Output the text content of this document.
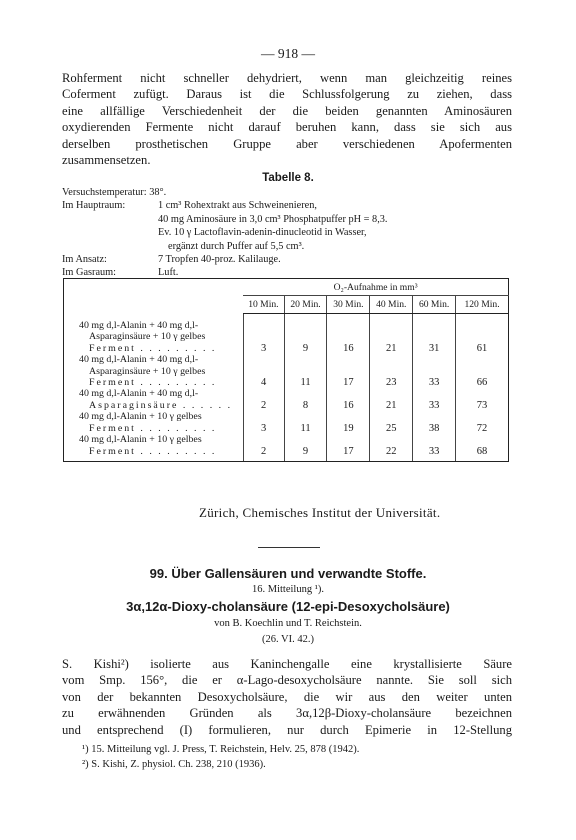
— 918 —
Rohferment nicht schneller dehydriert, wenn man gleichzeitig reines
Coferment zufügt. Daraus ist die Schlussfolgerung zu ziehen, dass
eine allfällige Verschiedenheit der die beiden genannten Aminosäuren
oxydierenden Fermente nicht darauf beruhen kann, dass sie sich aus
derselben prosthetischen Gruppe aber verschiedenen Apofermenten
zusammensetzen.
Tabelle 8.
Versuchstemperatur: 38°.
Im Hauptraum:	1 cm³ Rohextrakt aus Schweinenieren,
40 mg Aminosäure in 3,0 cm³ Phosphatpuffer pH = 8,3.
Ev. 10 γ Lactoflavin-adenin-dinucleotid in Wasser,
ergänzt durch Puffer auf 5,5 cm³.
Im Ansatz:	7 Tropfen 40-proz. Kalilauge.
Im Gasraum:	Luft.
	O₂-Aufnahme in mm³					
	10 Min.	20 Min.	30 Min.	40 Min.	60 Min.	120 Min.

40 mg d,l-Alanin + 40 mg d,l-
Asparaginsäure + 10 γ gelbes
Ferment . . . . . . . . .	3	9	16	21	31	61

40 mg d,l-Alanin + 40 mg d,l-
Asparaginsäure + 10 γ gelbes
Ferment . . . . . . . . .	4	11	17	23	33	66

40 mg d,l-Alanin + 40 mg d,l-
Asparaginsäure . . . . . .	2	8	16	21	33	73

40 mg d,l-Alanin + 10 γ gelbes
Ferment . . . . . . . . .	3	11	19	25	38	72

40 mg d,l-Alanin + 10 γ gelbes
Ferment . . . . . . . . .	2	9	17	22	33	68
Zürich, Chemisches Institut der Universität.
99. Über Gallensäuren und verwandte Stoffe.
16. Mitteilung ¹).
3α,12α-Dioxy-cholansäure (12-epi-Desoxycholsäure)
von B. Koechlin und T. Reichstein.
(26. VI. 42.)
S. Kishi²) isolierte aus Kaninchengalle eine krystallisierte Säure
vom Smp. 156°, die er α-Lago-desoxycholsäure nannte. Sie soll sich
von der bekannten Desoxycholsäure, die wir aus den weiter unten
zu erwähnenden Gründen als 3α,12β-Dioxy-cholansäure bezeichnen
und entsprechend (I) formulieren, nur durch Epimerie in 12-Stellung
¹) 15. Mitteilung vgl. J. Press, T. Reichstein, Helv. 25, 878 (1942).
²) S. Kishi, Z. physiol. Ch. 238, 210 (1936).
